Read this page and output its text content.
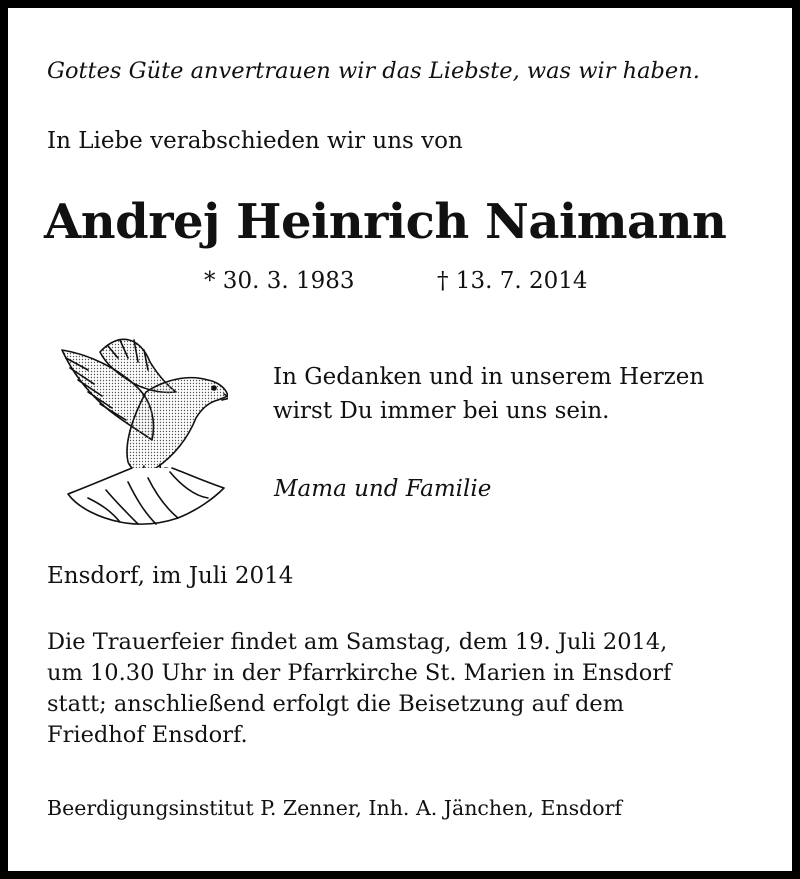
Gottes Güte anvertrauen wir das Liebste, was wir haben.

In Liebe verabschieden wir uns von

Andrej Heinrich Naimann
* 30. 3. 1983	† 13. 7. 2014
In Gedanken und in unserem Herzen
wirst Du immer bei uns sein.

Mama und Familie

Ensdorf, im Juli 2014

Die Trauerfeier findet am Samstag, dem 19. Juli 2014,
um 10.30 Uhr in der Pfarrkirche St. Marien in Ensdorf
statt; anschließend erfolgt die Beisetzung auf dem
Friedhof Ensdorf.

Beerdigungsinstitut P. Zenner, Inh. A. Jänchen, Ensdorf
